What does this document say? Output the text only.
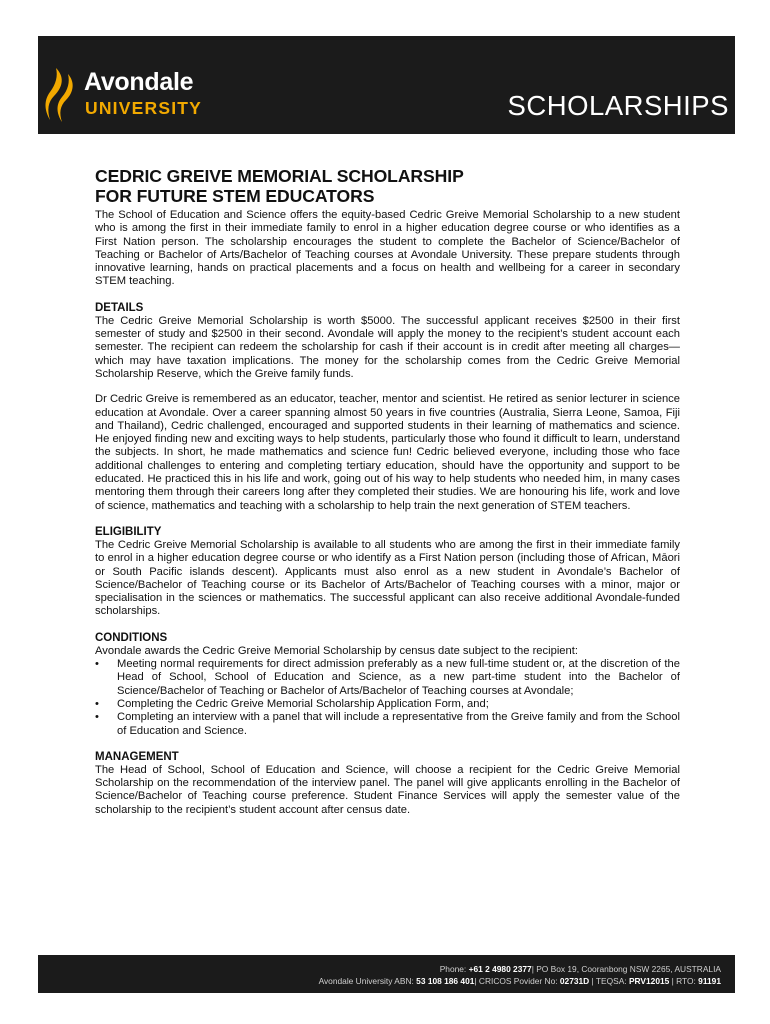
Avondale
UNIVERSITY	SCHOLARSHIPS
CEDRIC GREIVE MEMORIAL SCHOLARSHIP
FOR FUTURE STEM EDUCATORS

The School of Education and Science offers the equity-based Cedric Greive Memorial Scholarship to a new student who is among the first in their immediate family to enrol in a higher education degree course or who identifies as a First Nation person. The scholarship encourages the student to complete the Bachelor of Science/Bachelor of Teaching or Bachelor of Arts/Bachelor of Teaching courses at Avondale University. These prepare students through innovative learning, hands on practical placements and a focus on health and wellbeing for a career in secondary STEM teaching.

DETAILS

The Cedric Greive Memorial Scholarship is worth $5000. The successful applicant receives $2500 in their first semester of study and $2500 in their second. Avondale will apply the money to the recipient’s student account each semester. The recipient can redeem the scholarship for cash if their account is in credit after meeting all charges—which may have taxation implications. The money for the scholarship comes from the Cedric Greive Memorial Scholarship Reserve, which the Greive family funds.

Dr Cedric Greive is remembered as an educator, teacher, mentor and scientist. He retired as senior lecturer in science education at Avondale. Over a career spanning almost 50 years in five countries (Australia, Sierra Leone, Samoa, Fiji and Thailand), Cedric challenged, encouraged and supported students in their learning of mathematics and science. He enjoyed finding new and exciting ways to help students, particularly those who found it difficult to learn, understand the subjects. In short, he made mathematics and science fun! Cedric believed everyone, including those who face additional challenges to entering and completing tertiary education, should have the opportunity and support to be educated. He practiced this in his life and work, going out of his way to help students who needed him, in many cases mentoring them through their careers long after they completed their studies. We are honouring his life, work and love of science, mathematics and teaching with a scholarship to help train the next generation of STEM teachers.

ELIGIBILITY

The Cedric Greive Memorial Scholarship is available to all students who are among the first in their immediate family to enrol in a higher education degree course or who identify as a First Nation person (including those of African, Māori or South Pacific islands descent). Applicants must also enrol as a new student in Avondale’s Bachelor of Science/Bachelor of Teaching course or its Bachelor of Arts/Bachelor of Teaching courses with a minor, major or specialisation in the sciences or mathematics. The successful applicant can also receive additional Avondale-funded scholarships.

CONDITIONS

Avondale awards the Cedric Greive Memorial Scholarship by census date subject to the recipient:

• Meeting normal requirements for direct admission preferably as a new full-time student or, at the discretion of the Head of School, School of Education and Science, as a new part-time student into the Bachelor of Science/Bachelor of Teaching or Bachelor of Arts/Bachelor of Teaching courses at Avondale;
• Completing the Cedric Greive Memorial Scholarship Application Form, and;
• Completing an interview with a panel that will include a representative from the Greive family and from the School of Education and Science.
MANAGEMENT

The Head of School, School of Education and Science, will choose a recipient for the Cedric Greive Memorial Scholarship on the recommendation of the interview panel. The panel will give applicants enrolling in the Bachelor of Science/Bachelor of Teaching course preference. Student Finance Services will apply the semester value of the scholarship to the recipient’s student account after census date.

Phone: +61 2 4980 2377| PO Box 19, Cooranbong NSW 2265, AUSTRALIA
Avondale University ABN: 53 108 186 401| CRICOS Povider No: 02731D | TEQSA: PRV12015 | RTO: 91191
